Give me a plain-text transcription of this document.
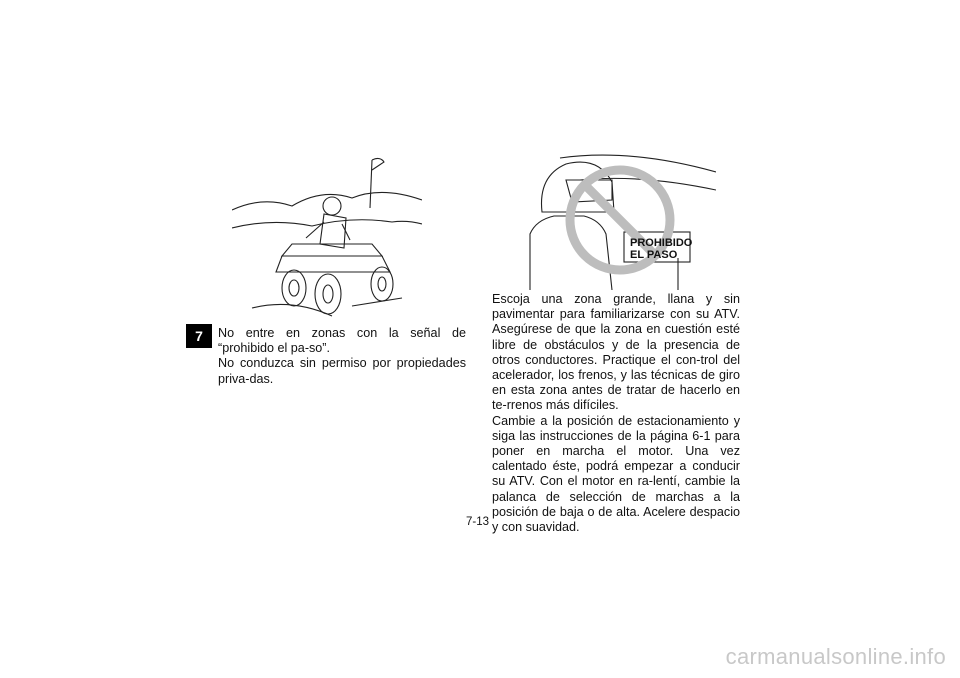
7
PROHIBIDO
EL PASO

No entre en zonas con la señal de “prohibido el pa-so”.

No conduzca sin permiso por propiedades priva-das.

Escoja una zona grande, llana y sin pavimentar para familiarizarse con su ATV. Asegúrese de que la zona en cuestión esté libre de obstáculos y de la presencia de otros conductores. Practique el con-trol del acelerador, los frenos, y las técnicas de giro en esta zona antes de tratar de hacerlo en te-rrenos más difíciles.

Cambie a la posición de estacionamiento y siga las instrucciones de la página 6-1 para poner en marcha el motor. Una vez calentado éste, podrá empezar a conducir su ATV. Con el motor en ra-lentí, cambie la palanca de selección de marchas a la posición de baja o de alta. Acelere despacio y con suavidad.

7-13
carmanualsonline.info
